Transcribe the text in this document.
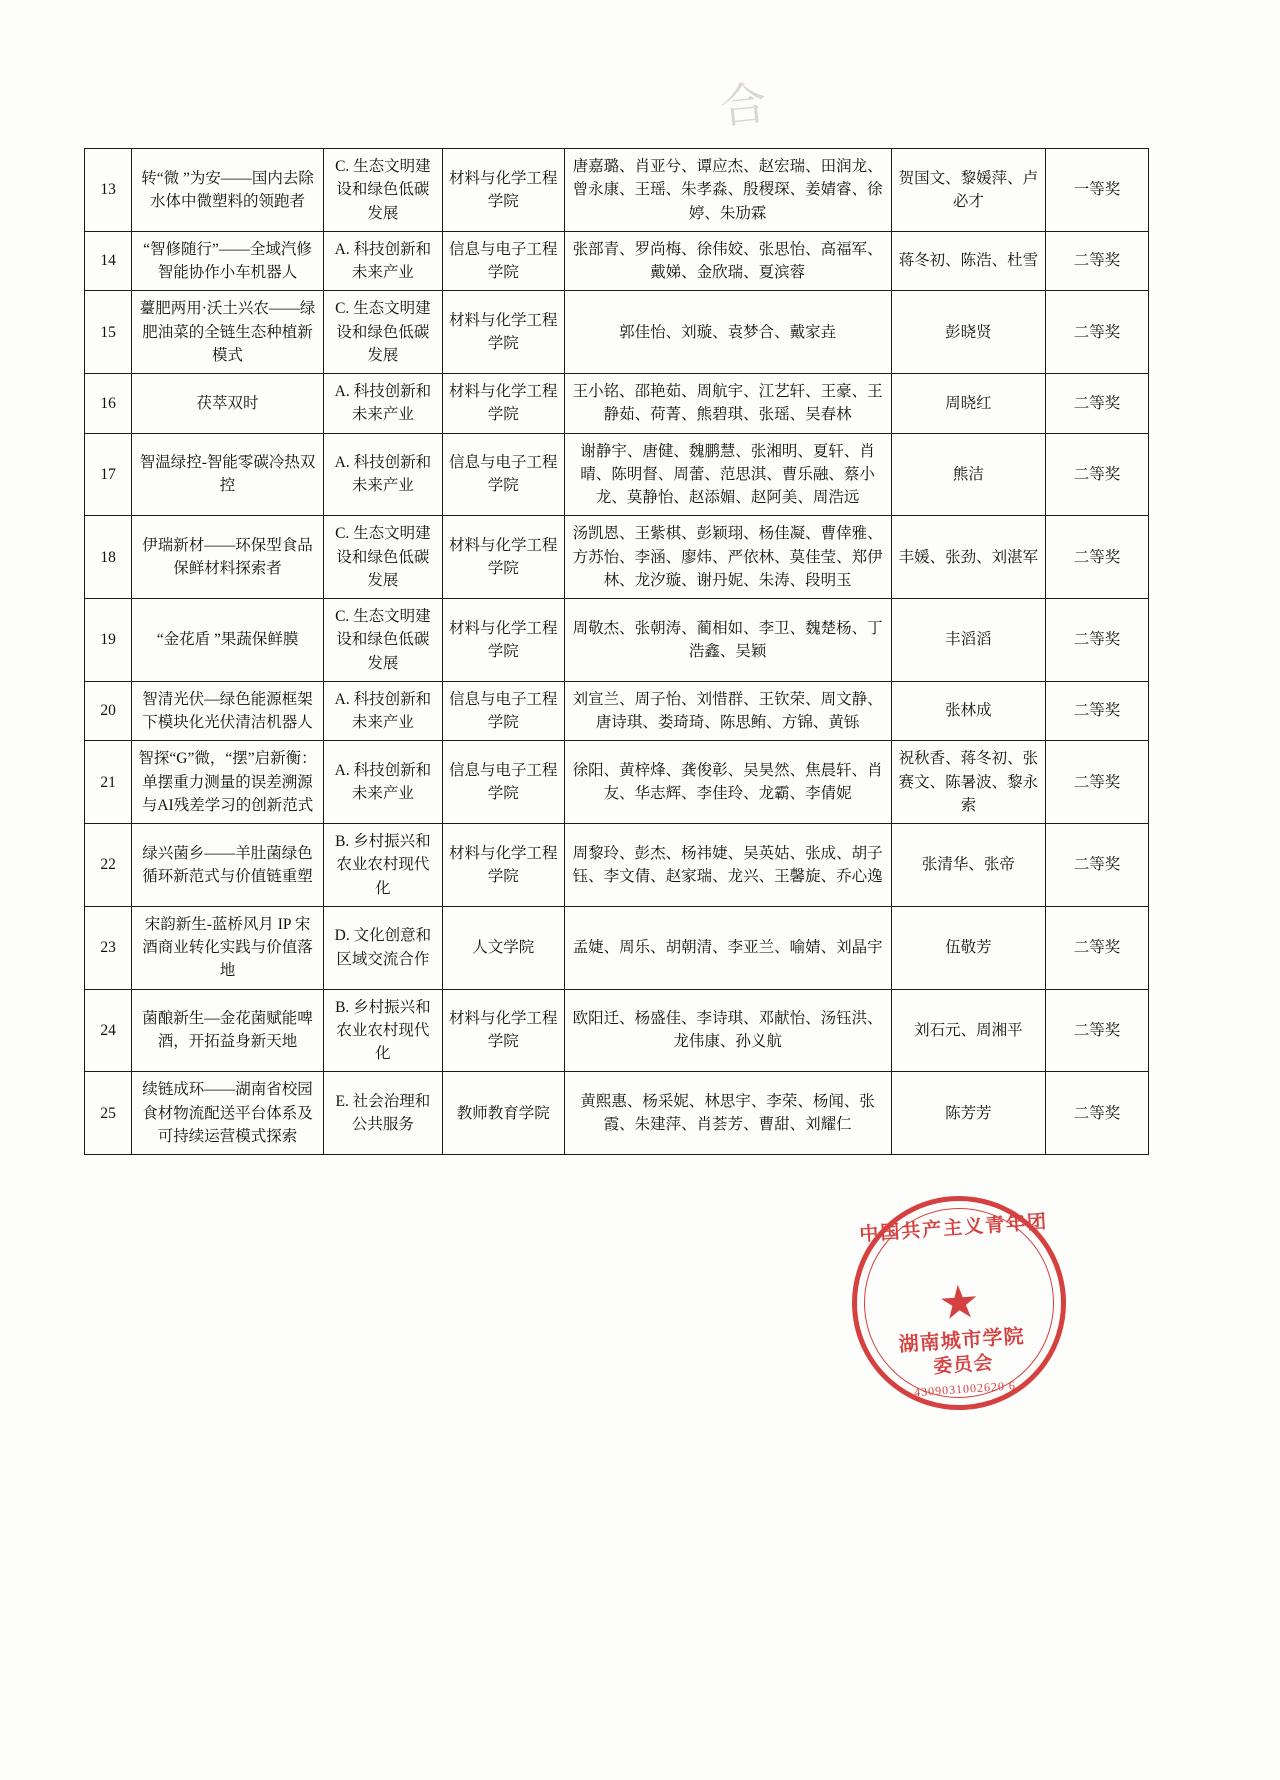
合
13	转“微 ”为安——国内去除水体中微塑料的领跑者	C. 生态文明建设和绿色低碳发展	材料与化学工程学院	唐嘉璐、肖亚兮、谭应杰、赵宏瑞、田润龙、曾永康、王瑶、朱孝淼、殷稷琛、姜婧睿、徐婷、朱劢霖	贺国文、黎媛萍、卢必才	一等奖
14	“智修随行”——全域汽修智能协作小车机器人	A. 科技创新和未来产业	信息与电子工程学院	张部青、罗尚梅、徐伟姣、张思怡、高福军、戴娣、金欣瑞、夏滨蓉	蒋冬初、陈浩、杜雪	二等奖
15	薹肥两用·沃土兴农——绿肥油菜的全链生态种植新模式	C. 生态文明建设和绿色低碳发展	材料与化学工程学院	郭佳怡、刘璇、袁梦合、戴家垚	彭晓贤	二等奖
16	茯萃双时	A. 科技创新和未来产业	材料与化学工程学院	王小铭、邵艳茹、周航宇、江艺轩、王豪、王静茹、荷菁、熊碧琪、张瑶、吴春林	周晓红	二等奖
17	智温绿控-智能零碳冷热双控	A. 科技创新和未来产业	信息与电子工程学院	谢静宇、唐健、魏鹏慧、张湘明、夏轩、肖晴、陈明督、周蕾、范思淇、曹乐融、蔡小龙、莫静怡、赵添媚、赵阿美、周浩远	熊洁	二等奖
18	伊瑞新材——环保型食品保鲜材料探索者	C. 生态文明建设和绿色低碳发展	材料与化学工程学院	汤凯恩、王紫棋、彭颖珝、杨佳凝、曹倖雅、方苏怡、李涵、廖炜、严依林、莫佳莹、郑伊林、龙汐璇、谢丹妮、朱涛、段明玉	丰媛、张劲、刘湛军	二等奖
19	“金花盾 ”果蔬保鲜膜	C. 生态文明建设和绿色低碳发展	材料与化学工程学院	周敬杰、张朝涛、蔺相如、李卫、魏楚杨、丁浩鑫、吴颖	丰滔滔	二等奖
20	智清光伏—绿色能源框架下模块化光伏清洁机器人	A. 科技创新和未来产业	信息与电子工程学院	刘宣兰、周子怡、刘惜群、王钦荣、周文静、唐诗琪、娄琦琦、陈思鲔、方锦、黄铄	张林成	二等奖
21	智探“G”微，“摆”启新衡：单摆重力测量的误差溯源与AI残差学习的创新范式	A. 科技创新和未来产业	信息与电子工程学院	徐阳、黄梓烽、龚俊彰、吴昊然、焦晨轩、肖友、华志辉、李佳玲、龙霸、李倩妮	祝秋香、蒋冬初、张赛文、陈暑波、黎永索	二等奖
22	绿兴菌乡——羊肚菌绿色循环新范式与价值链重塑	B. 乡村振兴和农业农村现代化	材料与化学工程学院	周黎玲、彭杰、杨祎婕、吴英姑、张成、胡子钰、李文倩、赵家瑞、龙兴、王馨旋、乔心逸	张清华、张帝	二等奖
23	宋韵新生-蓝桥风月 IP 宋酒商业转化实践与价值落地	D. 文化创意和区域交流合作	人文学院	孟婕、周乐、胡朝清、李亚兰、喻婧、刘晶宇	伍敬芳	二等奖
24	菌酿新生—金花菌赋能啤酒，开拓益身新天地	B. 乡村振兴和农业农村现代化	材料与化学工程学院	欧阳迁、杨盛佳、李诗琪、邓献怡、汤钰洪、龙伟康、孙义航	刘石元、周湘平	二等奖
25	续链成环——湖南省校园食材物流配送平台体系及可持续运营模式探索	E. 社会治理和公共服务	教师教育学院	黄熙惠、杨采妮、林思宇、李荣、杨闻、张霞、朱建萍、肖荟芳、曹甜、刘耀仁	陈芳芳	二等奖
中国共产主义青年团
★
湖南城市学院
委员会
4309031002620 6
